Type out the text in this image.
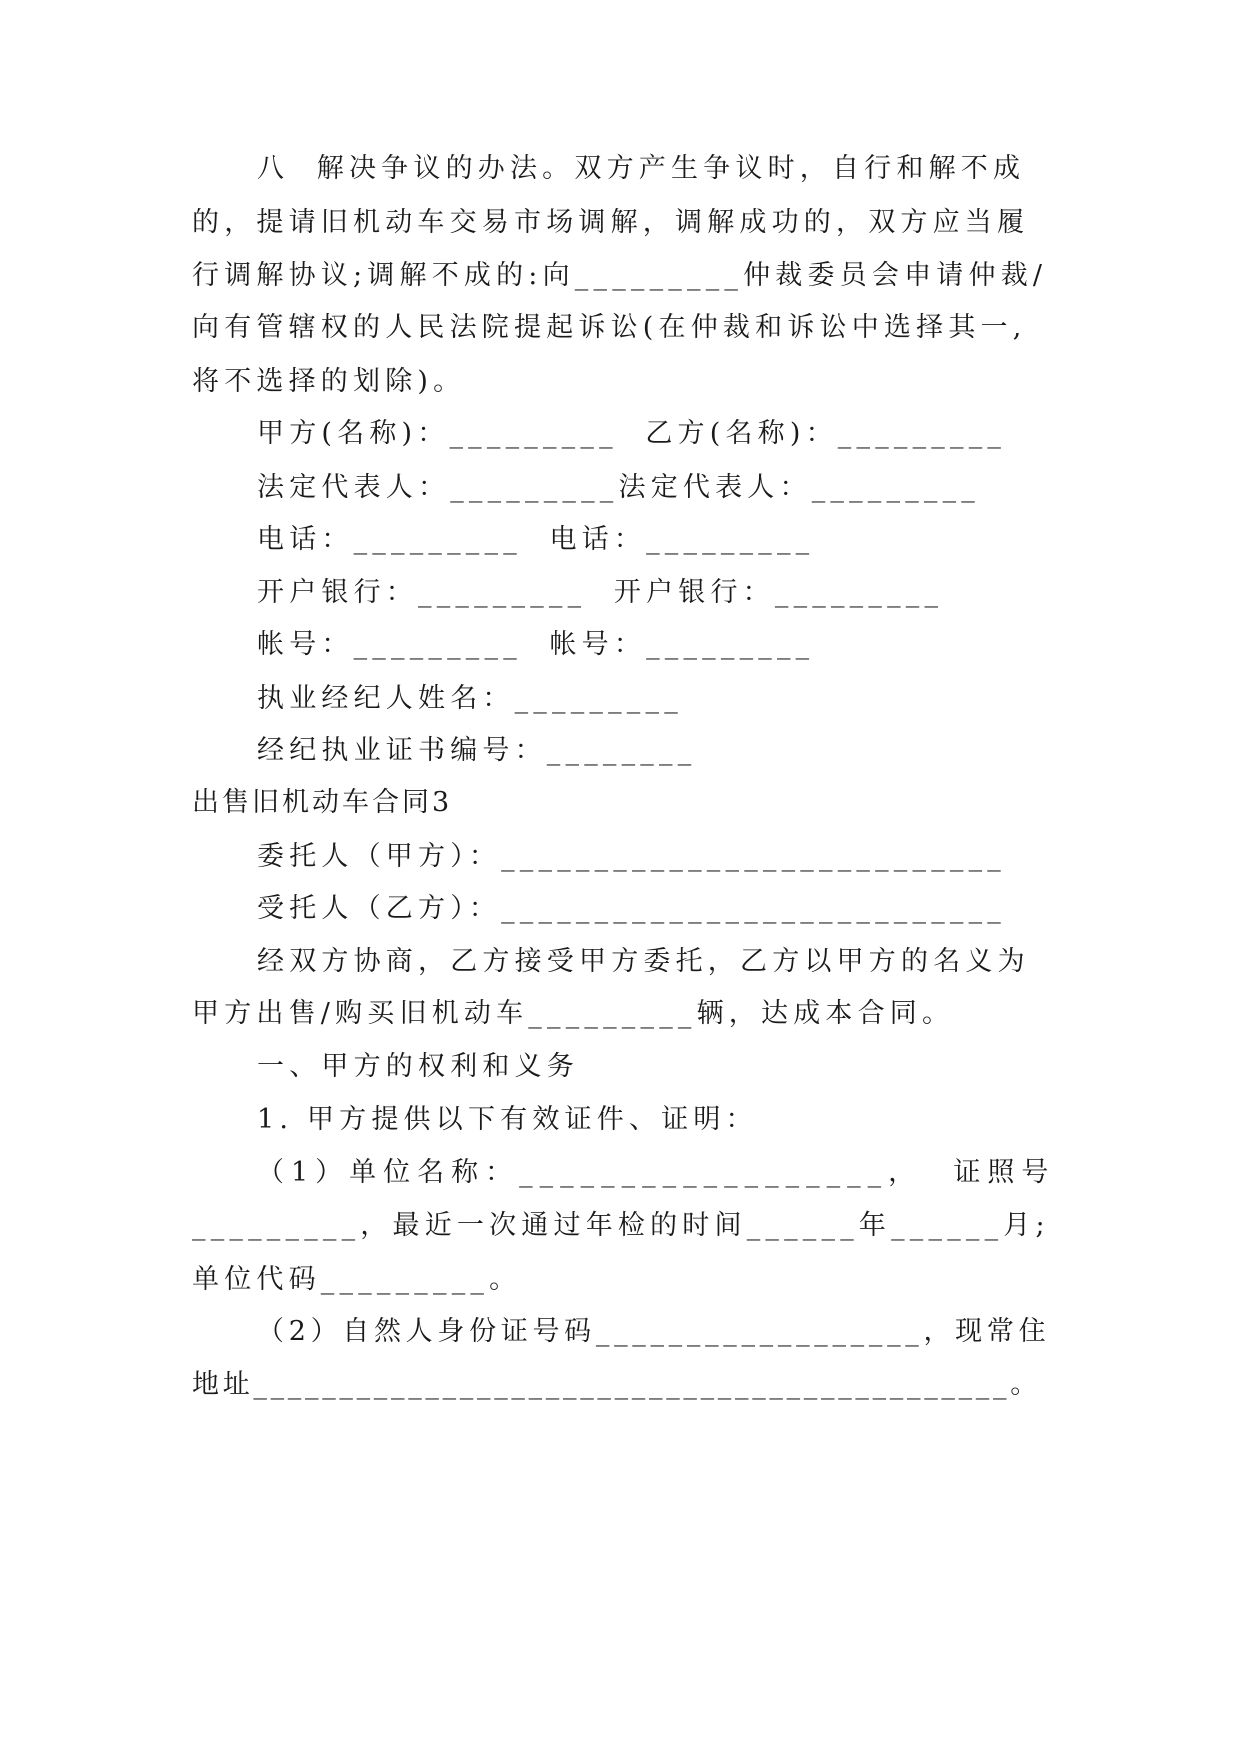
八  解决争议的办法。双方产生争议时，自行和解不成
的，提请旧机动车交易市场调解，调解成功的，双方应当履
行调解协议;调解不成的:向_________仲裁委员会申请仲裁/
向有管辖权的人民法院提起诉讼(在仲裁和诉讼中选择其一,
将不选择的划除)。
甲方(名称)：_________  乙方(名称)：_________
法定代表人：_________法定代表人：_________
电话：_________  电话：_________
开户银行：_________  开户银行：_________
帐号：_________  帐号：_________
执业经纪人姓名：_________
经纪执业证书编号：________
出售旧机动车合同3
委托人（甲方）：___________________________
受托人（乙方）：___________________________
经双方协商，乙方接受甲方委托，乙方以甲方的名义为
甲方出售/购买旧机动车_________辆，达成本合同。
一、甲方的权利和义务
1. 甲方提供以下有效证件、证明：
（1）单位名称：__________________，  证照号
_________，最近一次通过年检的时间______年______月;
单位代码_________。
（2）自然人身份证号码__________________，现常住
地址____________________________________________。
